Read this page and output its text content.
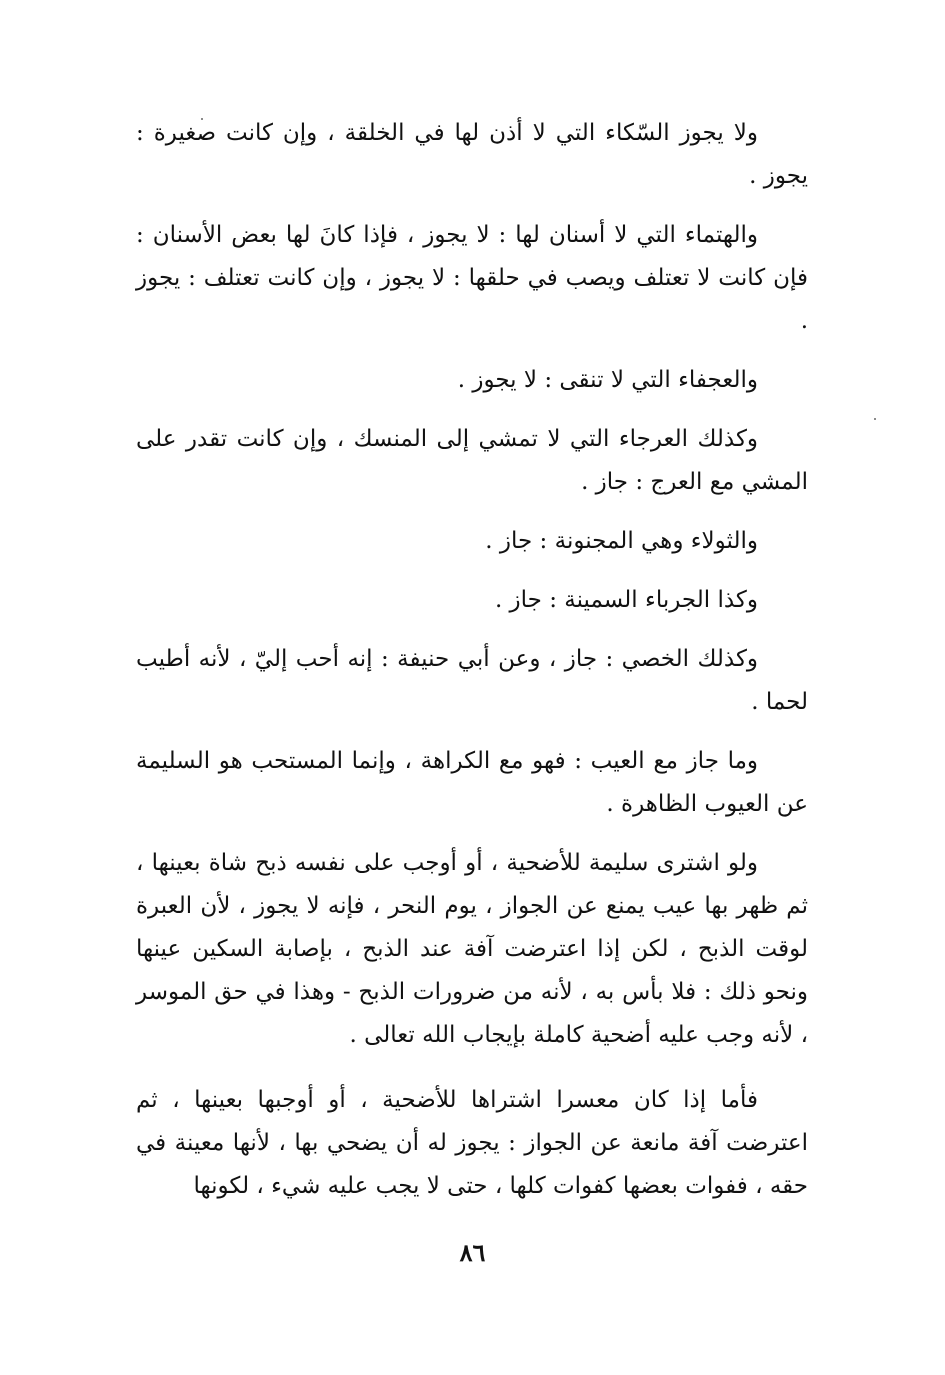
ولا يجوز السّكاء التي لا أذن لها في الخلقة ، وإن كانت صغيرة : يجوز .

والهتماء التي لا أسنان لها : لا يجوز ، فإذا كانَ لها بعض الأسنان : فإن كانت لا تعتلف ويصب في حلقها : لا يجوز ، وإن كانت تعتلف : يجوز .

والعجفاء التي لا تنقى : لا يجوز .

وكذلك العرجاء التي لا تمشي إلى المنسك ، وإن كانت تقدر على المشي مع العرج : جاز .

والثولاء وهي المجنونة : جاز .

وكذا الجرباء السمينة : جاز .

وكذلك الخصي : جاز ، وعن أبي حنيفة : إنه أحب إليّ ، لأنه أطيب لحما .

وما جاز مع العيب : فهو مع الكراهة ، وإنما المستحب هو السليمة عن العيوب الظاهرة .

ولو اشترى سليمة للأضحية ، أو أوجب على نفسه ذبح شاة بعينها ، ثم ظهر بها عيب يمنع عن الجواز ، يوم النحر ، فإنه لا يجوز ، لأن العبرة لوقت الذبح ، لكن إذا اعترضت آفة عند الذبح ، بإصابة السكين عينها ونحو ذلك : فلا بأس به ، لأنه من ضرورات الذبح - وهذا في حق الموسر ، لأنه وجب عليه أضحية كاملة بإيجاب الله تعالى .

فأما إذا كان معسرا اشتراها للأضحية ، أو أوجبها بعينها ، ثم اعترضت آفة مانعة عن الجواز : يجوز له أن يضحي بها ، لأنها معينة في حقه ، ففوات بعضها كفوات كلها ، حتى لا يجب عليه شيء ، لكونها

٨٦
